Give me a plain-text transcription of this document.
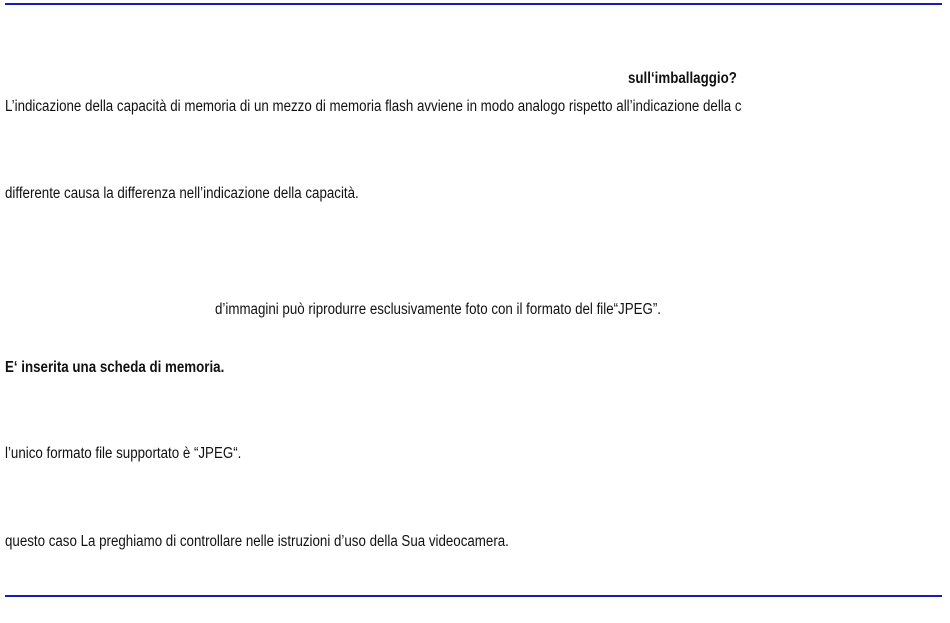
sull‘imballaggio?
L’indicazione della capacità di memoria di un mezzo di memoria flash avviene in modo analogo rispetto all’indicazione della c
differente causa la differenza nell’indicazione della capacità.
d’immagini può riprodurre esclusivamente foto con il formato del file“JPEG”.
E‘ inserita una scheda di memoria.
l’unico formato file supportato è “JPEG“.
questo caso La preghiamo di controllare nelle istruzioni d’uso della Sua videocamera.
